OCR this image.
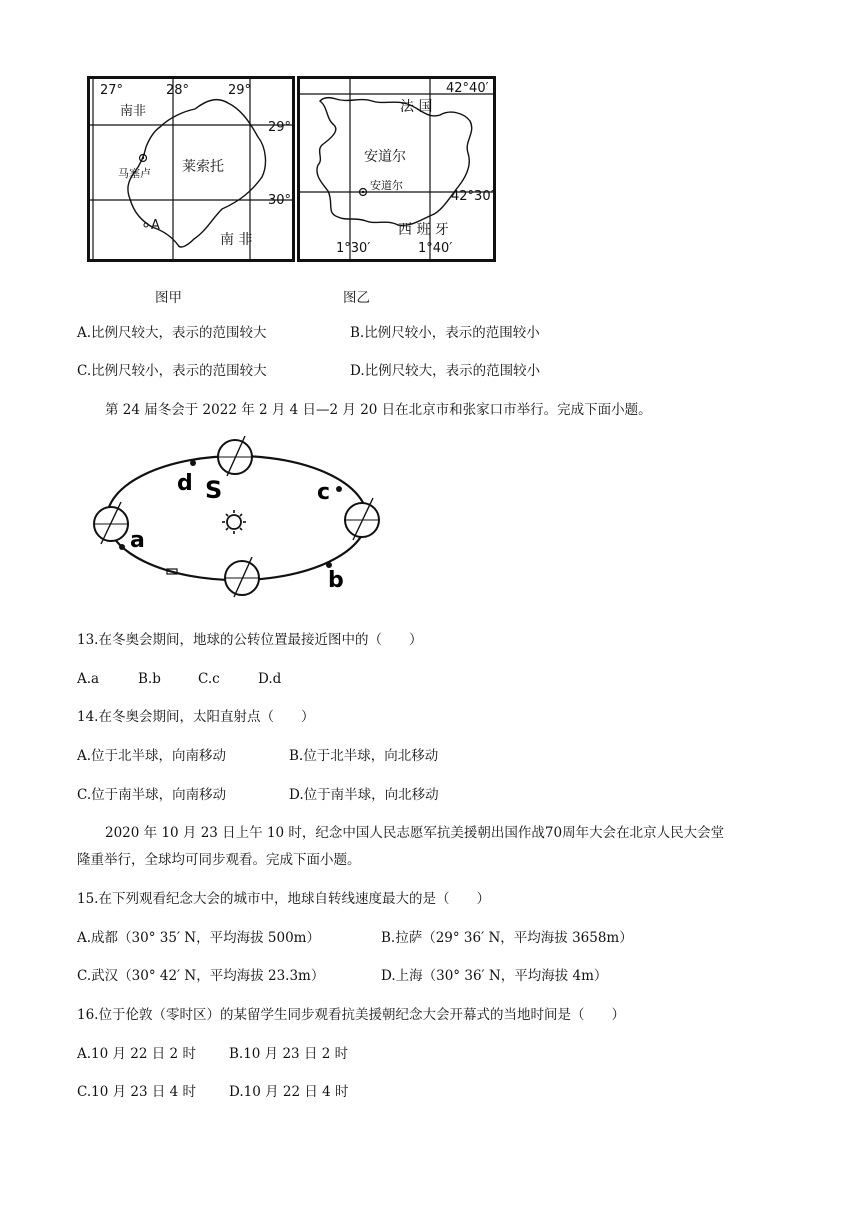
27°	28°	29°
29°
30°
南非
莱索托
南 非
马塞卢
A
42°40′
42°30′
1°30′	1°40′
法 国
安道尔
安道尔
西 班 牙
图甲	图乙
A.比例尺较大，表示的范围较大	B.比例尺较小，表示的范围较小
C.比例尺较小，表示的范围较大	D.比例尺较大，表示的范围较小
第 24 届冬会于 2022 年 2 月 4 日—2 月 20 日在北京市和张家口市举行。完成下面小题。
d S	c
a
b
13.在冬奥会期间，地球的公转位置最接近图中的（　　）
A.a	B.b	C.c	D.d
14.在冬奥会期间，太阳直射点（　　）
A.位于北半球，向南移动	B.位于北半球，向北移动
C.位于南半球，向南移动	D.位于南半球，向北移动
2020 年 10 月 23 日上午 10 时，纪念中国人民志愿军抗美援朝出国作战70周年大会在北京人民大会堂
隆重举行，全球均可同步观看。完成下面小题。
15.在下列观看纪念大会的城市中，地球自转线速度最大的是（　　）
A.成都（30° 35′ N，平均海拔 500m）	B.拉萨（29° 36′ N，平均海拔 3658m）
C.武汉（30° 42′ N，平均海拔 23.3m）	D.上海（30° 36′ N，平均海拔 4m）
16.位于伦敦（零时区）的某留学生同步观看抗美援朝纪念大会开幕式的当地时间是（　　）
A.10 月 22 日 2 时 B.10 月 23 日 2 时
C.10 月 23 日 4 时 D.10 月 22 日 4 时
